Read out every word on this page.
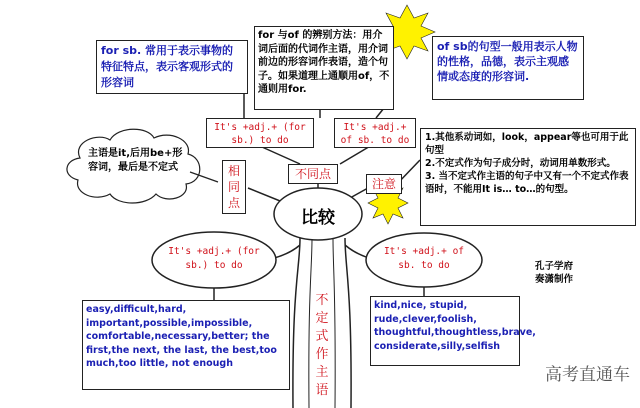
for sb. 常用于表示事物的特征特点，表示客观形式的形容词
for 与of 的辨别方法：用介词后面的代词作主语，用介词前边的形容词作表语，造个句子。如果道理上通顺用of，不通则用for.
of sb的句型一般用表示人物的性格，品德，表示主观感情或态度的形容词.
It's +adj.+ (for sb.) to do
It's +adj.+ of sb. to do
不同点
相同点
注意
比较
1.其他系动词如，look，appear等也可用于此句型
2.不定式作为句子成分时，动词用单数形式。
3. 当不定式作主语的句子中又有一个不定式作表语时，不能用It is… to…的句型。
主语是it,后用be+形容词，最后是不定式
It's +adj.+ (for sb.) to do
It's +adj.+ of sb. to do
不定式作主语
easy,difficult,hard, important,possible,impossible, comfortable,necessary,better; the first,the next, the last, the best,too much,too little, not enough
kind,nice, stupid, rude,clever,foolish, thoughtful,thoughtless,brave, considerate,silly,selfish
孔子学府
奏潇制作
高考直通车
